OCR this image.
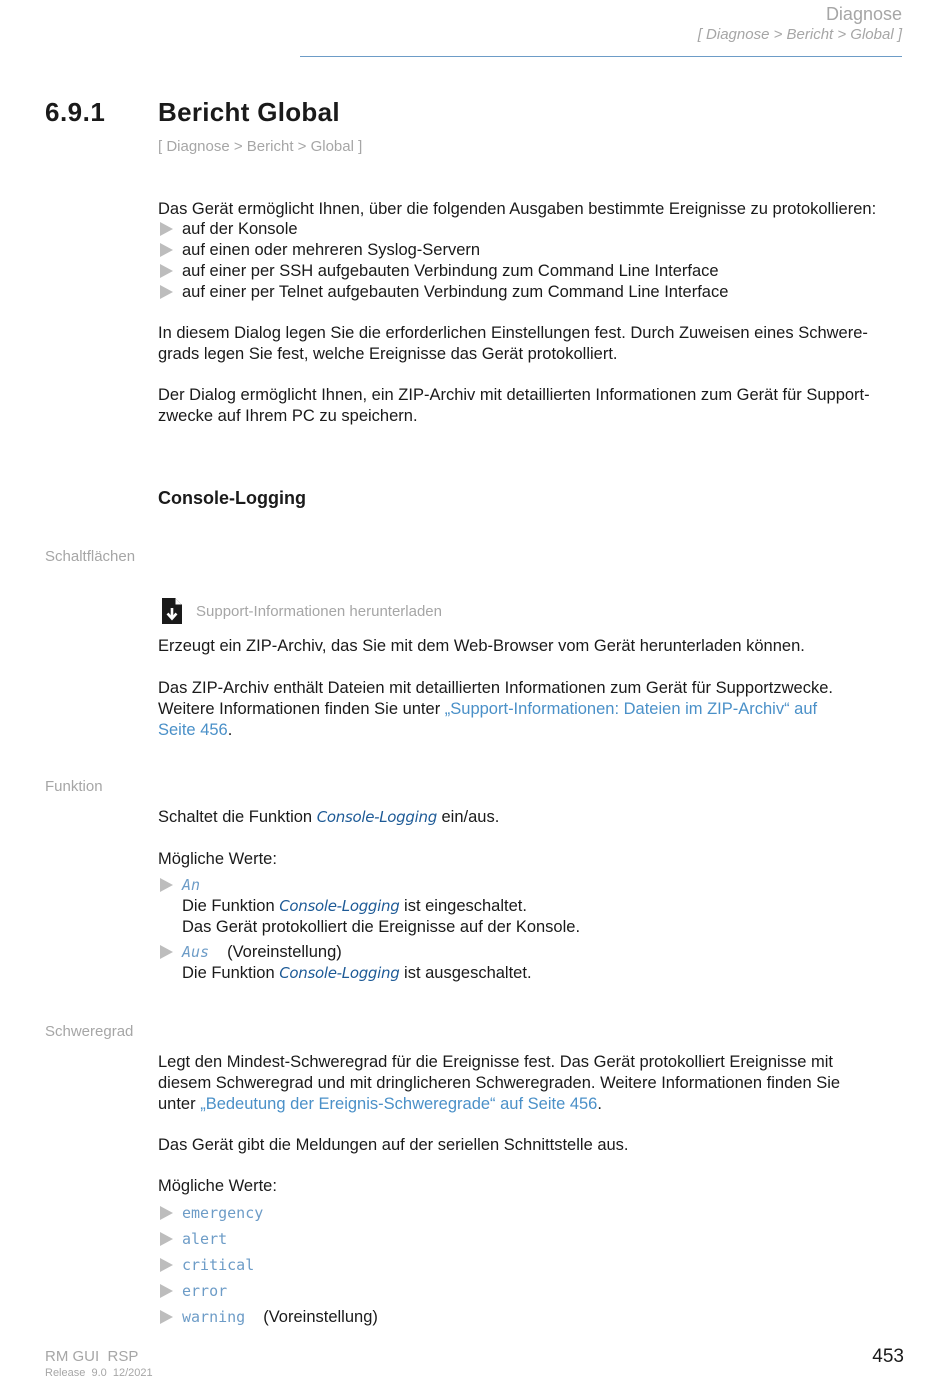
Diagnose
[ Diagnose > Bericht > Global ]
6.9.1 Bericht Global
[ Diagnose > Bericht > Global ]
Das Gerät ermöglicht Ihnen, über die folgenden Ausgaben bestimmte Ereignisse zu protokollieren:
auf der Konsole
auf einen oder mehreren Syslog-Servern
auf einer per SSH aufgebauten Verbindung zum Command Line Interface
auf einer per Telnet aufgebauten Verbindung zum Command Line Interface
In diesem Dialog legen Sie die erforderlichen Einstellungen fest. Durch Zuweisen eines Schwere-
grads legen Sie fest, welche Ereignisse das Gerät protokolliert.
Der Dialog ermöglicht Ihnen, ein ZIP-Archiv mit detaillierten Informationen zum Gerät für Support-
zwecke auf Ihrem PC zu speichern.
Console-Logging
Schaltflächen
Support-Informationen herunterladen
Erzeugt ein ZIP-Archiv, das Sie mit dem Web-Browser vom Gerät herunterladen können.
Das ZIP-Archiv enthält Dateien mit detaillierten Informationen zum Gerät für Supportzwecke.
Weitere Informationen finden Sie unter „Support-Informationen: Dateien im ZIP-Archiv“ auf
Seite 456.
Funktion
Schaltet die Funktion Console-Logging ein/aus.
Mögliche Werte:
An
Die Funktion Console-Logging ist eingeschaltet.
Das Gerät protokolliert die Ereignisse auf der Konsole.
Aus (Voreinstellung)
Die Funktion Console-Logging ist ausgeschaltet.
Schweregrad
Legt den Mindest-Schweregrad für die Ereignisse fest. Das Gerät protokolliert Ereignisse mit
diesem Schweregrad und mit dringlicheren Schweregraden. Weitere Informationen finden Sie
unter „Bedeutung der Ereignis-Schweregrade“ auf Seite 456.
Das Gerät gibt die Meldungen auf der seriellen Schnittstelle aus.
Mögliche Werte:
emergency
alert
critical
error
warning (Voreinstellung)
RM GUI  RSP
Release  9.0  12/2021
453
